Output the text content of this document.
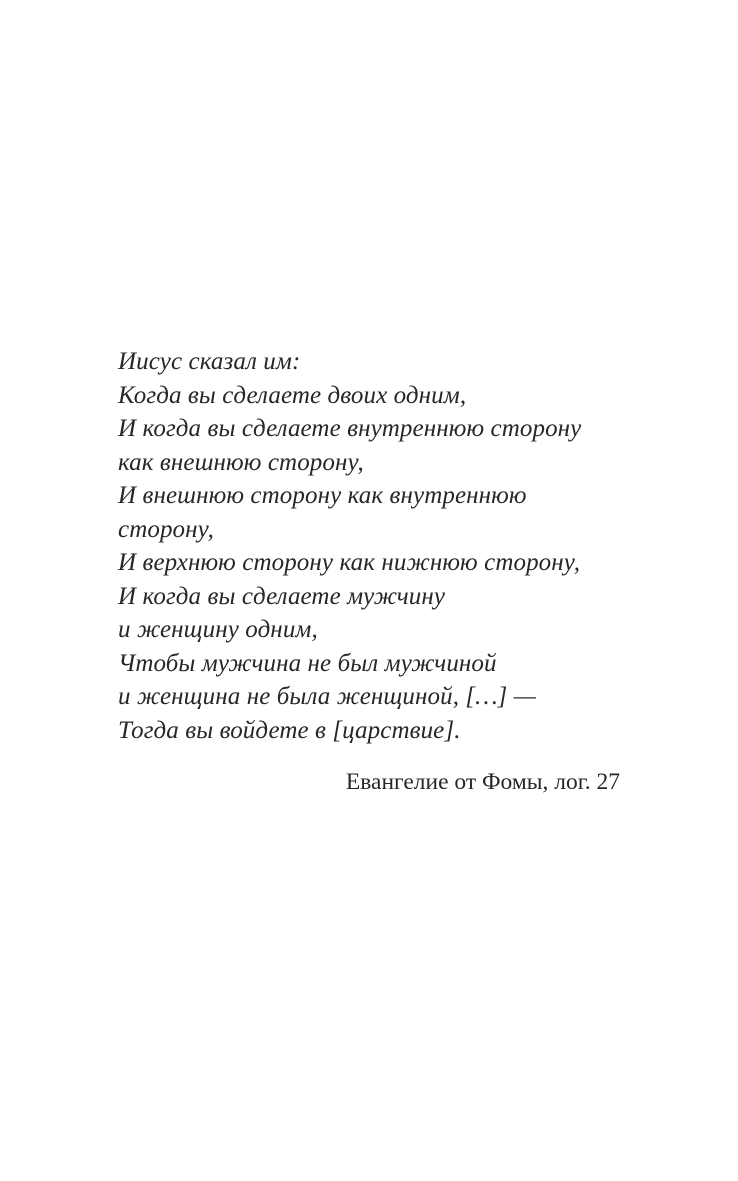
Иисус сказал им:
Когда вы сделаете двоих одним,
И когда вы сделаете внутреннюю сторону
как внешнюю сторону,
И внешнюю сторону как внутреннюю
сторону,
И верхнюю сторону как нижнюю сторону,
И когда вы сделаете мужчину
и женщину одним,
Чтобы мужчина не был мужчиной
и женщина не была женщиной, […] —
Тогда вы войдете в [царствие].
Евангелие от Фомы, лог. 27
